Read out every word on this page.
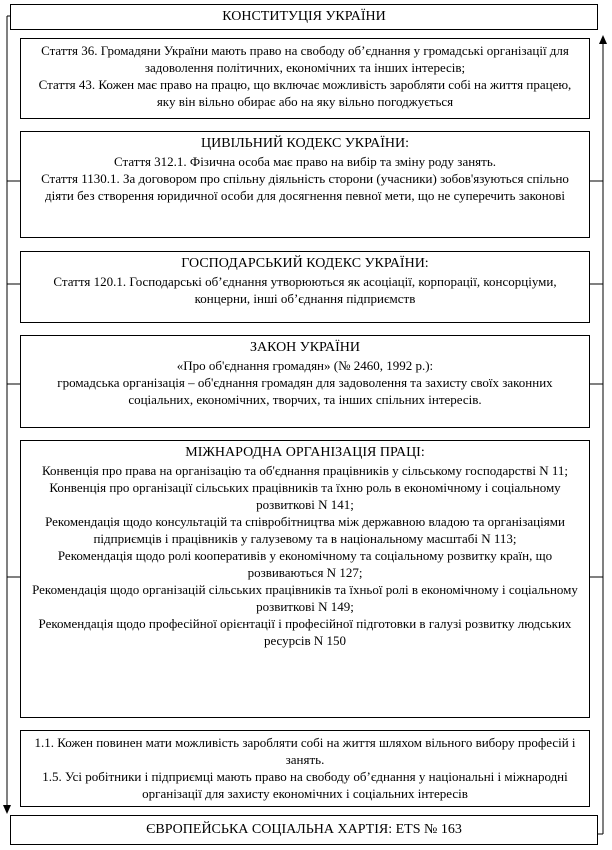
КОНСТИТУЦІЯ УКРАЇНИ
Стаття 36. Громадяни України мають право на свободу об’єднання у громадські організації для задоволення політичних, економічних та інших інтересів;
Стаття 43. Кожен має право на працю, що включає можливість заробляти собі на життя працею, яку він вільно обирає або на яку вільно погоджується
ЦИВІЛЬНИЙ КОДЕКС УКРАЇНИ:
Стаття 312.1. Фізична особа має право на вибір та зміну роду занять.
Стаття 1130.1. За договором про спільну діяльність сторони (учасники) зобов'язуються спільно діяти без створення юридичної особи для досягнення певної мети, що не суперечить законові
ГОСПОДАРСЬКИЙ КОДЕКС УКРАЇНИ:
Стаття 120.1. Господарські об’єднання утворюються як асоціації, корпорації, консорціуми, концерни, інші об’єднання підприємств
ЗАКОН УКРАЇНИ
«Про об'єднання громадян» (№ 2460, 1992 р.):
громадська організація – об'єднання громадян для задоволення та захисту своїх законних соціальних, економічних, творчих, та інших спільних інтересів.
МІЖНАРОДНА ОРГАНІЗАЦІЯ ПРАЦІ:
Конвенція про права на організацію та об'єднання працівників у сільському господарстві N 11;
Конвенція про організації сільських працівників та їхню роль в економічному і соціальному розвиткові N 141;
Рекомендація щодо консультацій та співробітництва між державною владою та організаціями підприємців і працівників у галузевому та в національному масштабі N 113;
Рекомендація щодо ролі кооперативів у економічному та соціальному розвитку країн, що розвиваються N 127;
Рекомендація щодо організацій сільських працівників та їхньої ролі в економічному і соціальному розвиткові N 149;
Рекомендація щодо професійної орієнтації і професійної підготовки в галузі розвитку людських ресурсів N 150
1.1. Кожен повинен мати можливість заробляти собі на життя шляхом вільного вибору професій і занять.
1.5. Усі робітники і підприємці мають право на свободу об’єднання у національні і міжнародні організації для захисту економічних і соціальних інтересів
ЄВРОПЕЙСЬКА СОЦІАЛЬНА ХАРТІЯ: ETS № 163
